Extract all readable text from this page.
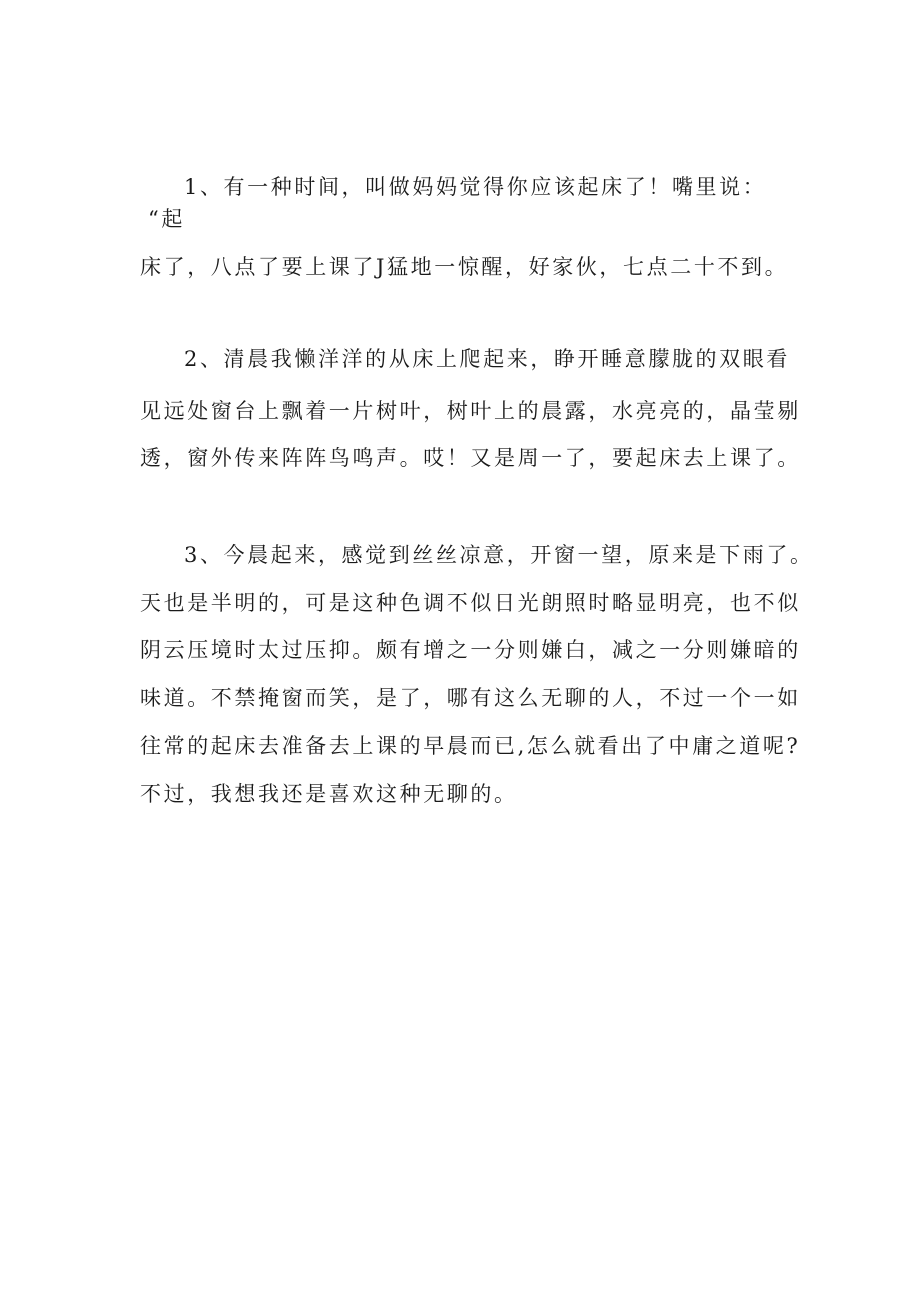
1、有一种时间，叫做妈妈觉得你应该起床了！嘴里说：
“起
床了，八点了要上课了J猛地一惊醒，好家伙，七点二十不到。
2、清晨我懒洋洋的从床上爬起来，睁开睡意朦胧的双眼看
见远处窗台上飘着一片树叶，树叶上的晨露，水亮亮的，晶莹剔
透，窗外传来阵阵鸟鸣声。哎！又是周一了，要起床去上课了。
3、今晨起来，感觉到丝丝凉意，开窗一望，原来是下雨了。
天也是半明的，可是这种色调不似日光朗照时略显明亮，也不似
阴云压境时太过压抑。颇有增之一分则嫌白，减之一分则嫌暗的
味道。不禁掩窗而笑，是了，哪有这么无聊的人，不过一个一如
往常的起床去准备去上课的早晨而已,怎么就看出了中庸之道呢?
不过，我想我还是喜欢这种无聊的。
